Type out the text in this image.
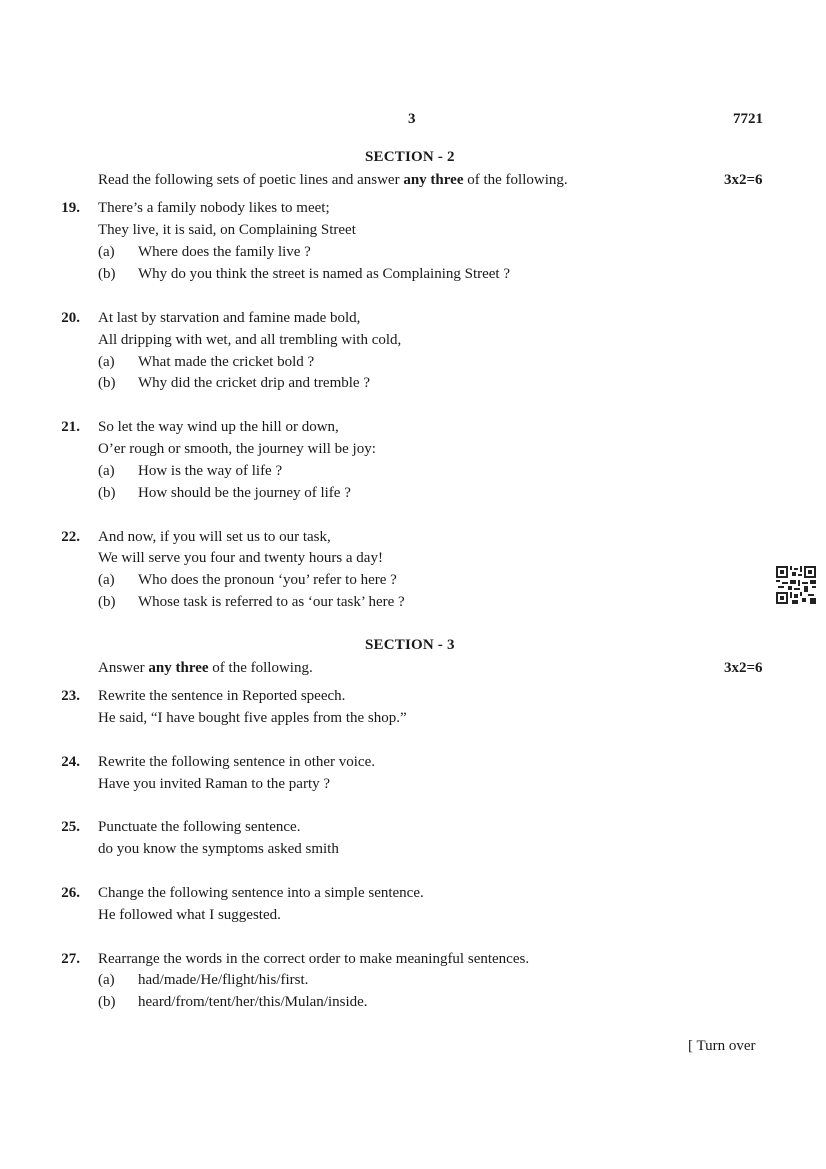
3	7721
SECTION - 2
Read the following sets of poetic lines and answer any three of the following.	3x2=6
19. There’s a family nobody likes to meet;
They live, it is said, on Complaining Street
(a) Where does the family live ?
(b) Why do you think the street is named as Complaining Street ?
20. At last by starvation and famine made bold,
All dripping with wet, and all trembling with cold,
(a) What made the cricket bold ?
(b) Why did the cricket drip and tremble ?
21. So let the way wind up the hill or down,
O’er rough or smooth, the journey will be joy:
(a) How is the way of life ?
(b) How should be the journey of life ?
22. And now, if you will set us to our task,
We will serve you four and twenty hours a day!
(a) Who does the pronoun ‘you’ refer to here ?
(b) Whose task is referred to as ‘our task’ here ?
SECTION - 3
Answer any three of the following.	3x2=6
23. Rewrite the sentence in Reported speech.
He said, “I have bought five apples from the shop.”
24. Rewrite the following sentence in other voice.
Have you invited Raman to the party ?
25. Punctuate the following sentence.
do you know the symptoms asked smith
26. Change the following sentence into a simple sentence.
He followed what I suggested.
27. Rearrange the words in the correct order to make meaningful sentences.
(a) had/made/He/flight/his/first.
(b) heard/from/tent/her/this/Mulan/inside.
[ Turn over
